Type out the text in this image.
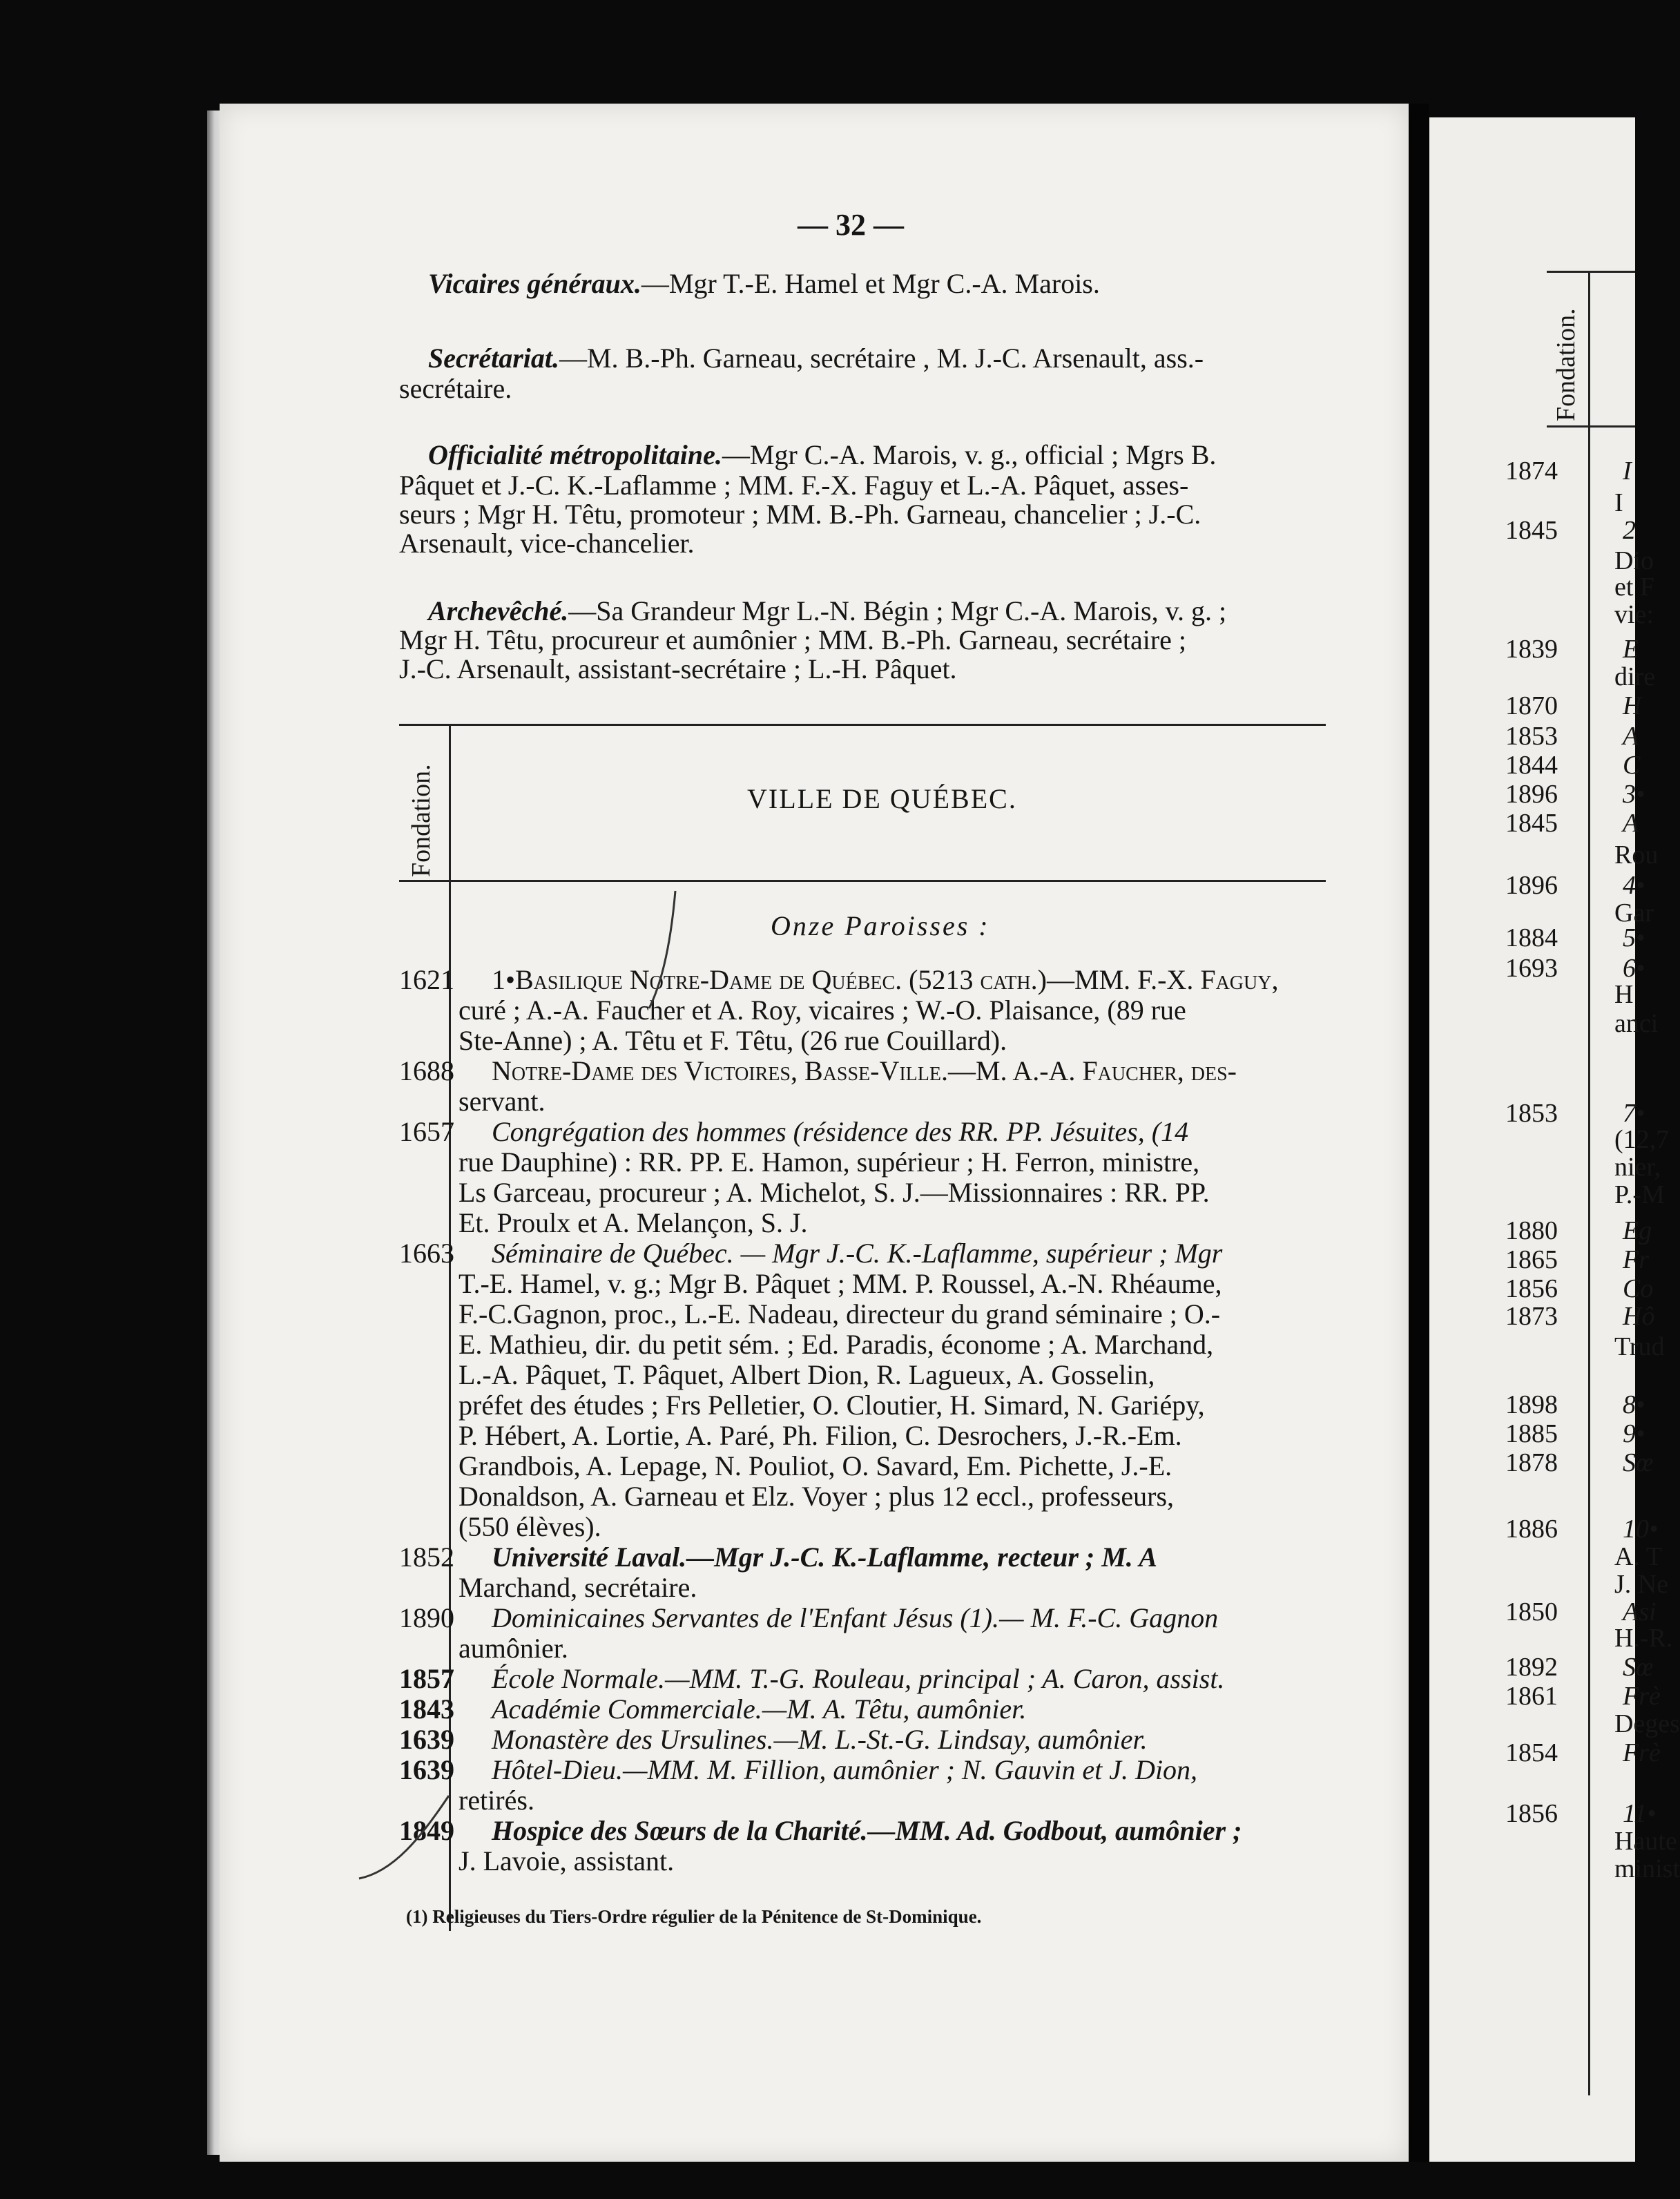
— 32 —
Vicaires généraux.—Mgr T.-E. Hamel et Mgr C.-A. Marois.
Secrétariat.—M. B.-Ph. Garneau, secrétaire , M. J.-C. Arsenault, ass.-
secrétaire.
Officialité métropolitaine.—Mgr C.-A. Marois, v. g., official ; Mgrs B.
Pâquet et J.-C. K.-Laflamme ; MM. F.-X. Faguy et L.-A. Pâquet, asses-
seurs ; Mgr H. Têtu, promoteur ; MM. B.-Ph. Garneau, chancelier ; J.-C.
Arsenault, vice-chancelier.
Archevêché.—Sa Grandeur Mgr L.-N. Bégin ; Mgr C.-A. Marois, v. g. ;
Mgr H. Têtu, procureur et aumônier ; MM. B.-Ph. Garneau, secrétaire ;
J.-C. Arsenault, assistant-secrétaire ; L.-H. Pâquet.
Fondation.	VILLE DE QUÉBEC.
Onze Paroisses :
1621 1•Basilique Notre-Dame de Québec. (5213 cath.)—MM. F.-X. Faguy,
curé ; A.-A. Faucher et A. Roy, vicaires ; W.-O. Plaisance, (89 rue
Ste-Anne) ; A. Têtu et F. Têtu, (26 rue Couillard).
1688 Notre-Dame des Victoires, Basse-Ville.—M. A.-A. Faucher, des-
servant.
1657 Congrégation des hommes (résidence des RR. PP. Jésuites, (14
rue Dauphine) : RR. PP. E. Hamon, supérieur ; H. Ferron, ministre,
Ls Garceau, procureur ; A. Michelot, S. J.—Missionnaires : RR. PP.
Et. Proulx et A. Melançon, S. J.
1663 Séminaire de Québec. — Mgr J.-C. K.-Laflamme, supérieur ; Mgr
T.-E. Hamel, v. g.; Mgr B. Pâquet ; MM. P. Roussel, A.-N. Rhéaume,
F.-C.Gagnon, proc., L.-E. Nadeau, directeur du grand séminaire ; O.-
E. Mathieu, dir. du petit sém. ; Ed. Paradis, économe ; A. Marchand,
L.-A. Pâquet, T. Pâquet, Albert Dion, R. Lagueux, A. Gosselin,
préfet des études ; Frs Pelletier, O. Cloutier, H. Simard, N. Gariépy,
P. Hébert, A. Lortie, A. Paré, Ph. Filion, C. Desrochers, J.-R.-Em.
Grandbois, A. Lepage, N. Pouliot, O. Savard, Em. Pichette, J.-E.
Donaldson, A. Garneau et Elz. Voyer ; plus 12 eccl., professeurs,
(550 élèves).
1852 Université Laval.—Mgr J.-C. K.-Laflamme, recteur ; M. A
Marchand, secrétaire.
1890 Dominicaines Servantes de l'Enfant Jésus (1).— M. F.-C. Gagnon
aumônier.
1857 École Normale.—MM. T.-G. Rouleau, principal ; A. Caron, assist.
1843 Académie Commerciale.—M. A. Têtu, aumônier.
1639 Monastère des Ursulines.—M. L.-St.-G. Lindsay, aumônier.
1639 Hôtel-Dieu.—MM. M. Fillion, aumônier ; N. Gauvin et J. Dion,
retirés.
1849 Hospice des Sœurs de la Charité.—MM. Ad. Godbout, aumônier ;
J. Lavoie, assistant.
(1) Religieuses du Tiers-Ordre régulier de la Pénitence de St-Dominique.
Fondation.
1874 I
I
1845 2
Dio
et F
vie:
1839 E
dire
1870 H
1853 A
1844 C
1896 3•
1845 A
Rou
1896 4•
Gar
1884 5•
1693 6•
H
anci
1853 7•
(12,7
nier,
P.-M
1880 Eg
1865 Fr
1856 Co
1873 Hô
Trud
1898 8•
1885 9•
1878 Sœ
1886 10•
A. T
J. Ne
1850 Asi
H.-R.
1892 Sœ
1861 Frè
Deges
1854 Frè
1856 11•
Haute
minist
